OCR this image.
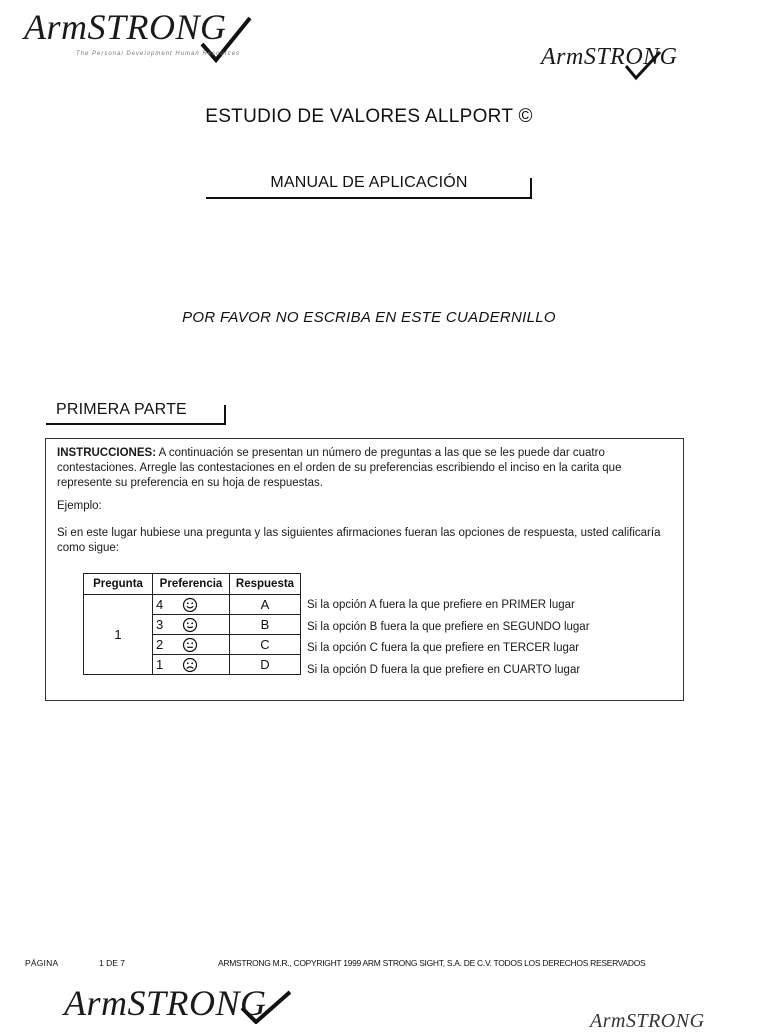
ArmSTRONG
The Personal Development Human Resources	ArmSTRONG
ESTUDIO DE VALORES ALLPORT ©
MANUAL DE APLICACIÓN
POR FAVOR NO ESCRIBA EN ESTE CUADERNILLO
PRIMERA PARTE
INSTRUCCIONES: A continuación se presentan un número de preguntas a las que se les puede dar cuatro contestaciones. Arregle las contestaciones en el orden de su preferencias escribiendo el inciso en la carita que represente su preferencia en su hoja de respuestas.
Ejemplo:
Si en este lugar hubiese una pregunta y las siguientes afirmaciones fueran las opciones de respuesta, usted calificaría como sigue:
Pregunta	Preferencia	Respuesta
1	4	A

	3	B

	2	C

	1	D
Si la opción A fuera la que prefiere en PRIMER lugar
Si la opción B fuera la que prefiere en SEGUNDO lugar
Si la opción C fuera la que prefiere en TERCER lugar
Si la opción D fuera la que prefiere en CUARTO lugar
PÁGINA	1 DE 7	ARMSTRONG M.R., COPYRIGHT 1999 ARM STRONG SIGHT, S.A. DE C.V. TODOS LOS DERECHOS RESERVADOS
ArmSTRONG	ArmSTRONG
